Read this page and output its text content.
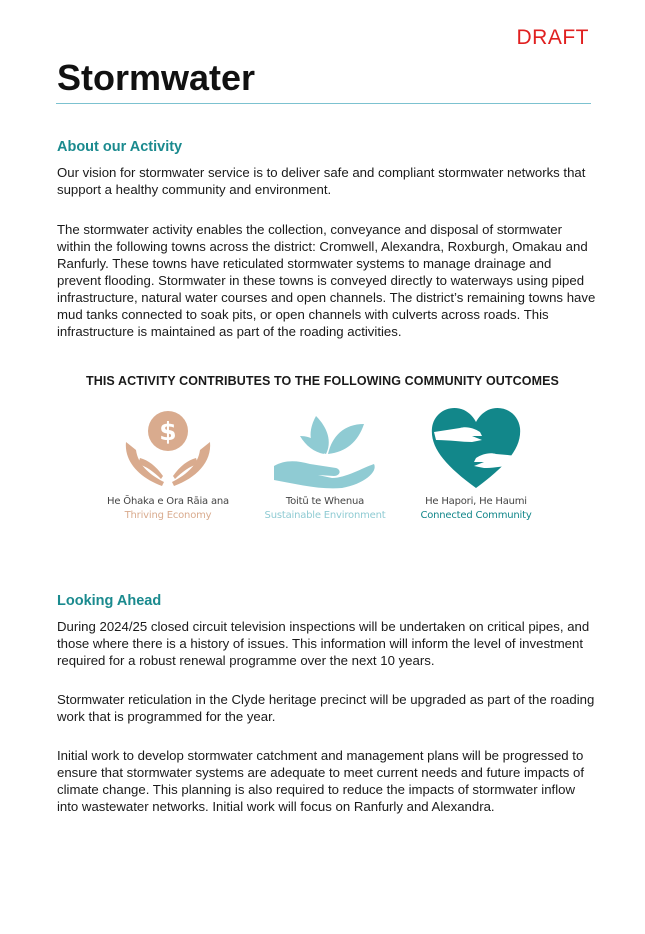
DRAFT
Stormwater
About our Activity
Our vision for stormwater service is to deliver safe and compliant stormwater networks that support a healthy community and environment.
The stormwater activity enables the collection, conveyance and disposal of stormwater within the following towns across the district: Cromwell, Alexandra, Roxburgh, Omakau and Ranfurly. These towns have reticulated stormwater systems to manage drainage and prevent flooding. Stormwater in these towns is conveyed directly to waterways using piped infrastructure, natural water courses and open channels. The district’s remaining towns have mud tanks connected to soak pits, or open channels with culverts across roads. This infrastructure is maintained as part of the roading activities.
THIS ACTIVITY CONTRIBUTES TO THE FOLLOWING COMMUNITY OUTCOMES
$
He Ōhaka e Ora Rāia ana
Thriving Economy
Toitū te Whenua
Sustainable Environment
He Hapori, He Haumi
Connected Community
Looking Ahead
During 2024/25 closed circuit television inspections will be undertaken on critical pipes, and those where there is a history of issues. This information will inform the level of investment required for a robust renewal programme over the next 10 years.
Stormwater reticulation in the Clyde heritage precinct will be upgraded as part of the roading work that is programmed for the year.
Initial work to develop stormwater catchment and management plans will be progressed to ensure that stormwater systems are adequate to meet current needs and future impacts of climate change. This planning is also required to reduce the impacts of stormwater inflow into wastewater networks. Initial work will focus on Ranfurly and Alexandra.
